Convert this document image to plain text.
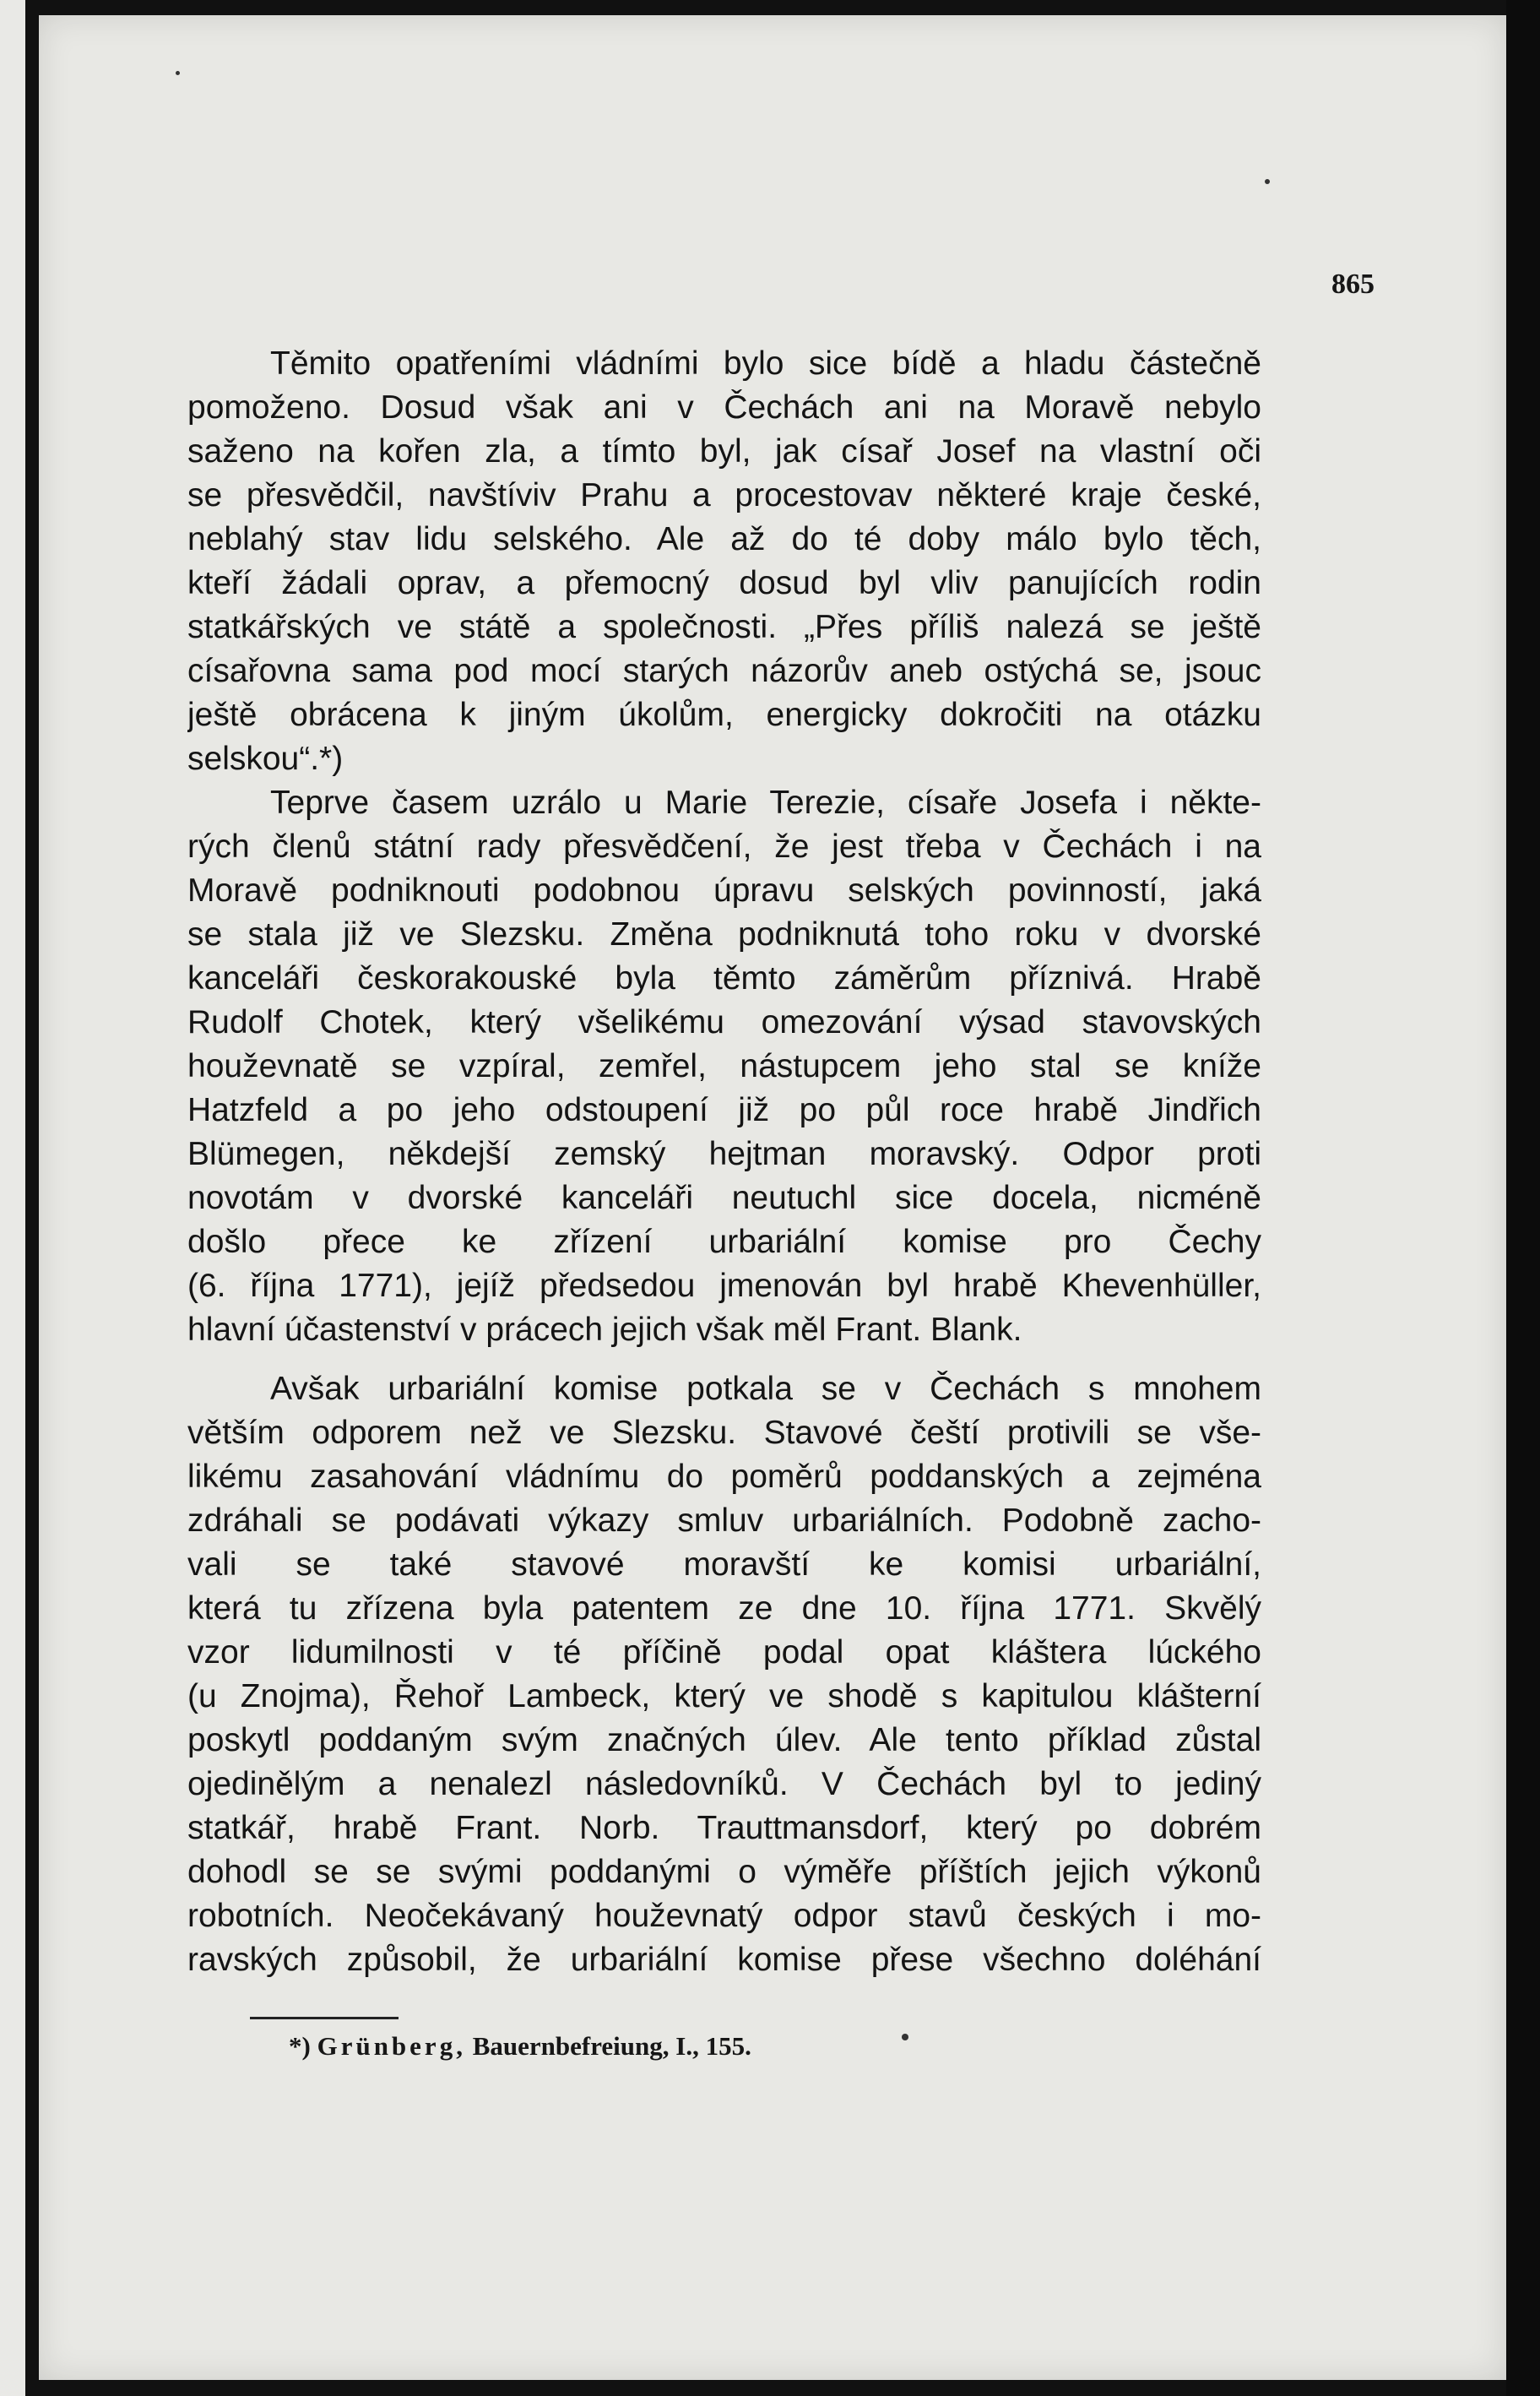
865
Těmito opatřeními vládními bylo sice bídě a hladu částečně
pomoženo. Dosud však ani v Čechách ani na Moravě nebylo
saženo na kořen zla, a tímto byl, jak císař Josef na vlastní oči
se přesvědčil, navštíviv Prahu a procestovav některé kraje české,
neblahý stav lidu selského. Ale až do té doby málo bylo těch,
kteří žádali oprav, a přemocný dosud byl vliv panujících rodin
statkářských ve státě a společnosti. „Přes příliš nalezá se ještě
císařovna sama pod mocí starých názorův aneb ostýchá se, jsouc
ještě obrácena k jiným úkolům, energicky dokročiti na otázku
selskou“.*)
Teprve časem uzrálo u Marie Terezie, císaře Josefa i někte-
rých členů státní rady přesvědčení, že jest třeba v Čechách i na
Moravě podniknouti podobnou úpravu selských povinností, jaká
se stala již ve Slezsku. Změna podniknutá toho roku v dvorské
kanceláři českorakouské byla těmto záměrům příznivá. Hrabě
Rudolf Chotek, který všelikému omezování výsad stavovských
houževnatě se vzpíral, zemřel, nástupcem jeho stal se kníže
Hatzfeld a po jeho odstoupení již po půl roce hrabě Jindřich
Blümegen, někdejší zemský hejtman moravský. Odpor proti
novotám v dvorské kanceláři neutuchl sice docela, nicméně
došlo přece ke zřízení urbariální komise pro Čechy
(6. října 1771), jejíž předsedou jmenován byl hrabě Khevenhüller,
hlavní účastenství v prácech jejich však měl Frant. Blank.
Avšak urbariální komise potkala se v Čechách s mnohem
větším odporem než ve Slezsku. Stavové čeští protivili se vše-
likému zasahování vládnímu do poměrů poddanských a zejména
zdráhali se podávati výkazy smluv urbariálních. Podobně zacho-
vali se také stavové moravští ke komisi urbariální,
která tu zřízena byla patentem ze dne 10. října 1771. Skvělý
vzor lidumilnosti v té příčině podal opat kláštera lúckého
(u Znojma), Řehoř Lambeck, který ve shodě s kapitulou klášterní
poskytl poddaným svým značných úlev. Ale tento příklad zůstal
ojedinělým a nenalezl následovníků. V Čechách byl to jediný
statkář, hrabě Frant. Norb. Trauttmansdorf, který po dobrém
dohodl se se svými poddanými o výměře příštích jejich výkonů
robotních. Neočekávaný houževnatý odpor stavů českých i mo-
ravských způsobil, že urbariální komise přese všechno doléhání
*) Grünberg, Bauernbefreiung, I., 155.
